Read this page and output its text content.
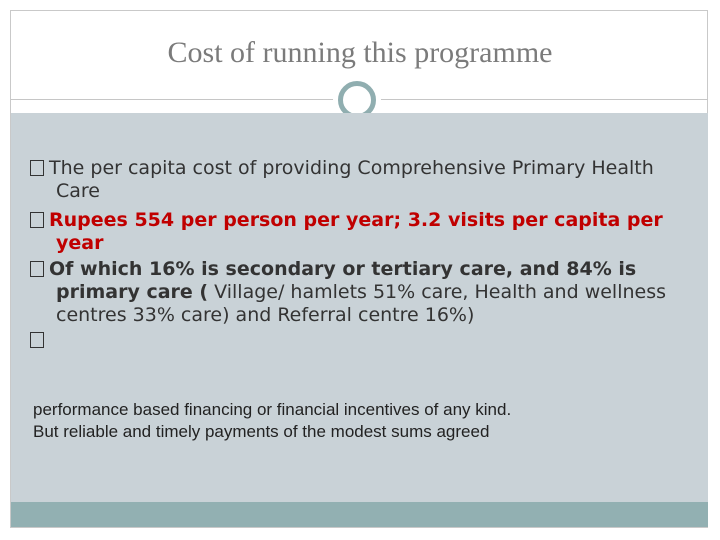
Cost of running this programme
The per capita cost of providing Comprehensive Primary Health Care
Rupees 554 per person per year; 3.2 visits per capita per year
Of which 16% is secondary or tertiary care, and 84% is primary care ( Village/ hamlets 51% care, Health and wellness centres 33% care) and Referral centre 16%)
performance based financing or financial incentives of any kind.
But reliable and timely payments of the modest sums agreed
